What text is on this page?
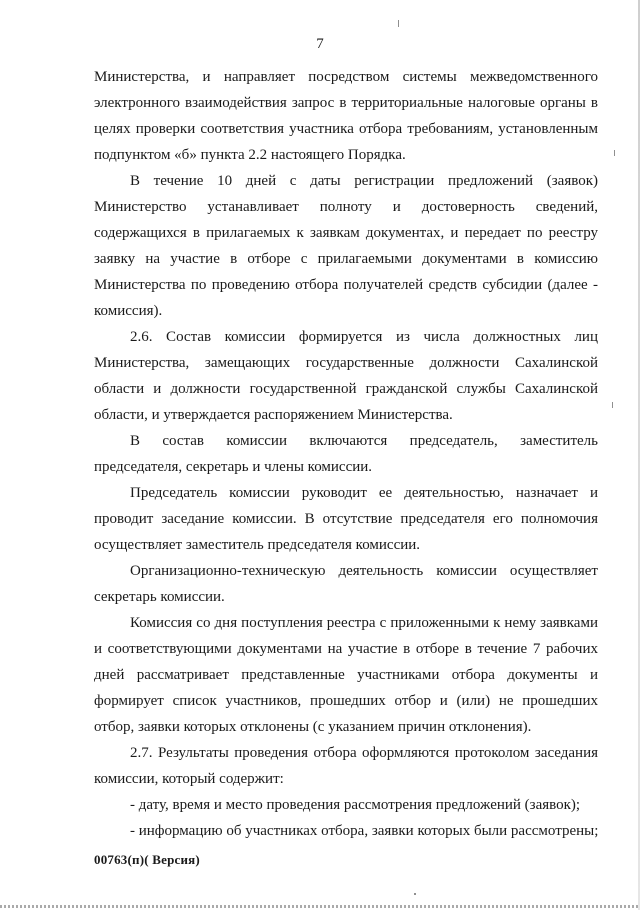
7
Министерства, и направляет посредством системы межведомственного
электронного взаимодействия запрос в территориальные налоговые органы в
целях проверки соответствия участника отбора требованиям, установленным
подпунктом «б» пункта 2.2 настоящего Порядка.
В течение 10 дней с даты регистрации предложений (заявок)
Министерство устанавливает полноту и достоверность сведений,
содержащихся в прилагаемых к заявкам документах, и передает по реестру
заявку на участие в отборе с прилагаемыми документами в комиссию
Министерства по проведению отбора получателей средств субсидии (далее -
комиссия).
2.6. Состав комиссии формируется из числа должностных лиц
Министерства, замещающих государственные должности Сахалинской
области и должности государственной гражданской службы Сахалинской
области, и утверждается распоряжением Министерства.
В состав комиссии включаются председатель, заместитель
председателя, секретарь и члены комиссии.
Председатель комиссии руководит ее деятельностью, назначает и
проводит заседание комиссии. В отсутствие председателя его полномочия
осуществляет заместитель председателя комиссии.
Организационно-техническую деятельность комиссии осуществляет
секретарь комиссии.
Комиссия со дня поступления реестра с приложенными к нему заявками
и соответствующими документами на участие в отборе в течение 7 рабочих
дней рассматривает представленные участниками отбора документы и
формирует список участников, прошедших отбор и (или) не прошедших
отбор, заявки которых отклонены (с указанием причин отклонения).
2.7. Результаты проведения отбора оформляются протоколом заседания
комиссии, который содержит:
- дату, время и место проведения рассмотрения предложений (заявок);
- информацию об участниках отбора, заявки которых были рассмотрены;
00763(п)( Версия)
